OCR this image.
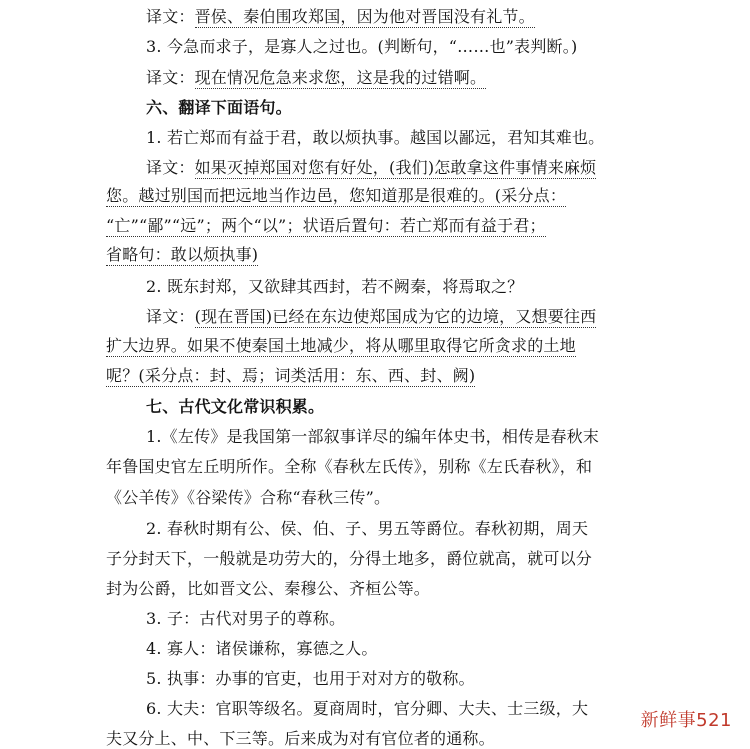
译文：晋侯、秦伯围攻郑国，因为他对晋国没有礼节。
3. 今急而求子，是寡人之过也。(判断句，“……也”表判断。)
译文：现在情况危急来求您，这是我的过错啊。
六、翻译下面语句。
1. 若亡郑而有益于君，敢以烦执事。越国以鄙远，君知其难也。
译文：如果灭掉郑国对您有好处，(我们)怎敢拿这件事情来麻烦
您。越过别国而把远地当作边邑，您知道那是很难的。(采分点：
“亡”“鄙”“远”；两个“以”；状语后置句：若亡郑而有益于君；
省略句：敢以烦执事)
2. 既东封郑，又欲肆其西封，若不阙秦，将焉取之？
译文：(现在晋国)已经在东边使郑国成为它的边境，又想要往西
扩大边界。如果不使秦国土地减少，将从哪里取得它所贪求的土地
呢？(采分点：封、焉；词类活用：东、西、封、阙)
七、古代文化常识积累。
1.《左传》是我国第一部叙事详尽的编年体史书，相传是春秋末
年鲁国史官左丘明所作。全称《春秋左氏传》，别称《左氏春秋》，和
《公羊传》《谷梁传》合称“春秋三传”。
2. 春秋时期有公、侯、伯、子、男五等爵位。春秋初期，周天
子分封天下，一般就是功劳大的，分得土地多，爵位就高，就可以分
封为公爵，比如晋文公、秦穆公、齐桓公等。
3. 子：古代对男子的尊称。
4. 寡人：诸侯谦称，寡德之人。
5. 执事：办事的官吏，也用于对对方的敬称。
6. 大夫：官职等级名。夏商周时，官分卿、大夫、士三级，大
夫又分上、中、下三等。后来成为对有官位者的通称。
新鲜事521
